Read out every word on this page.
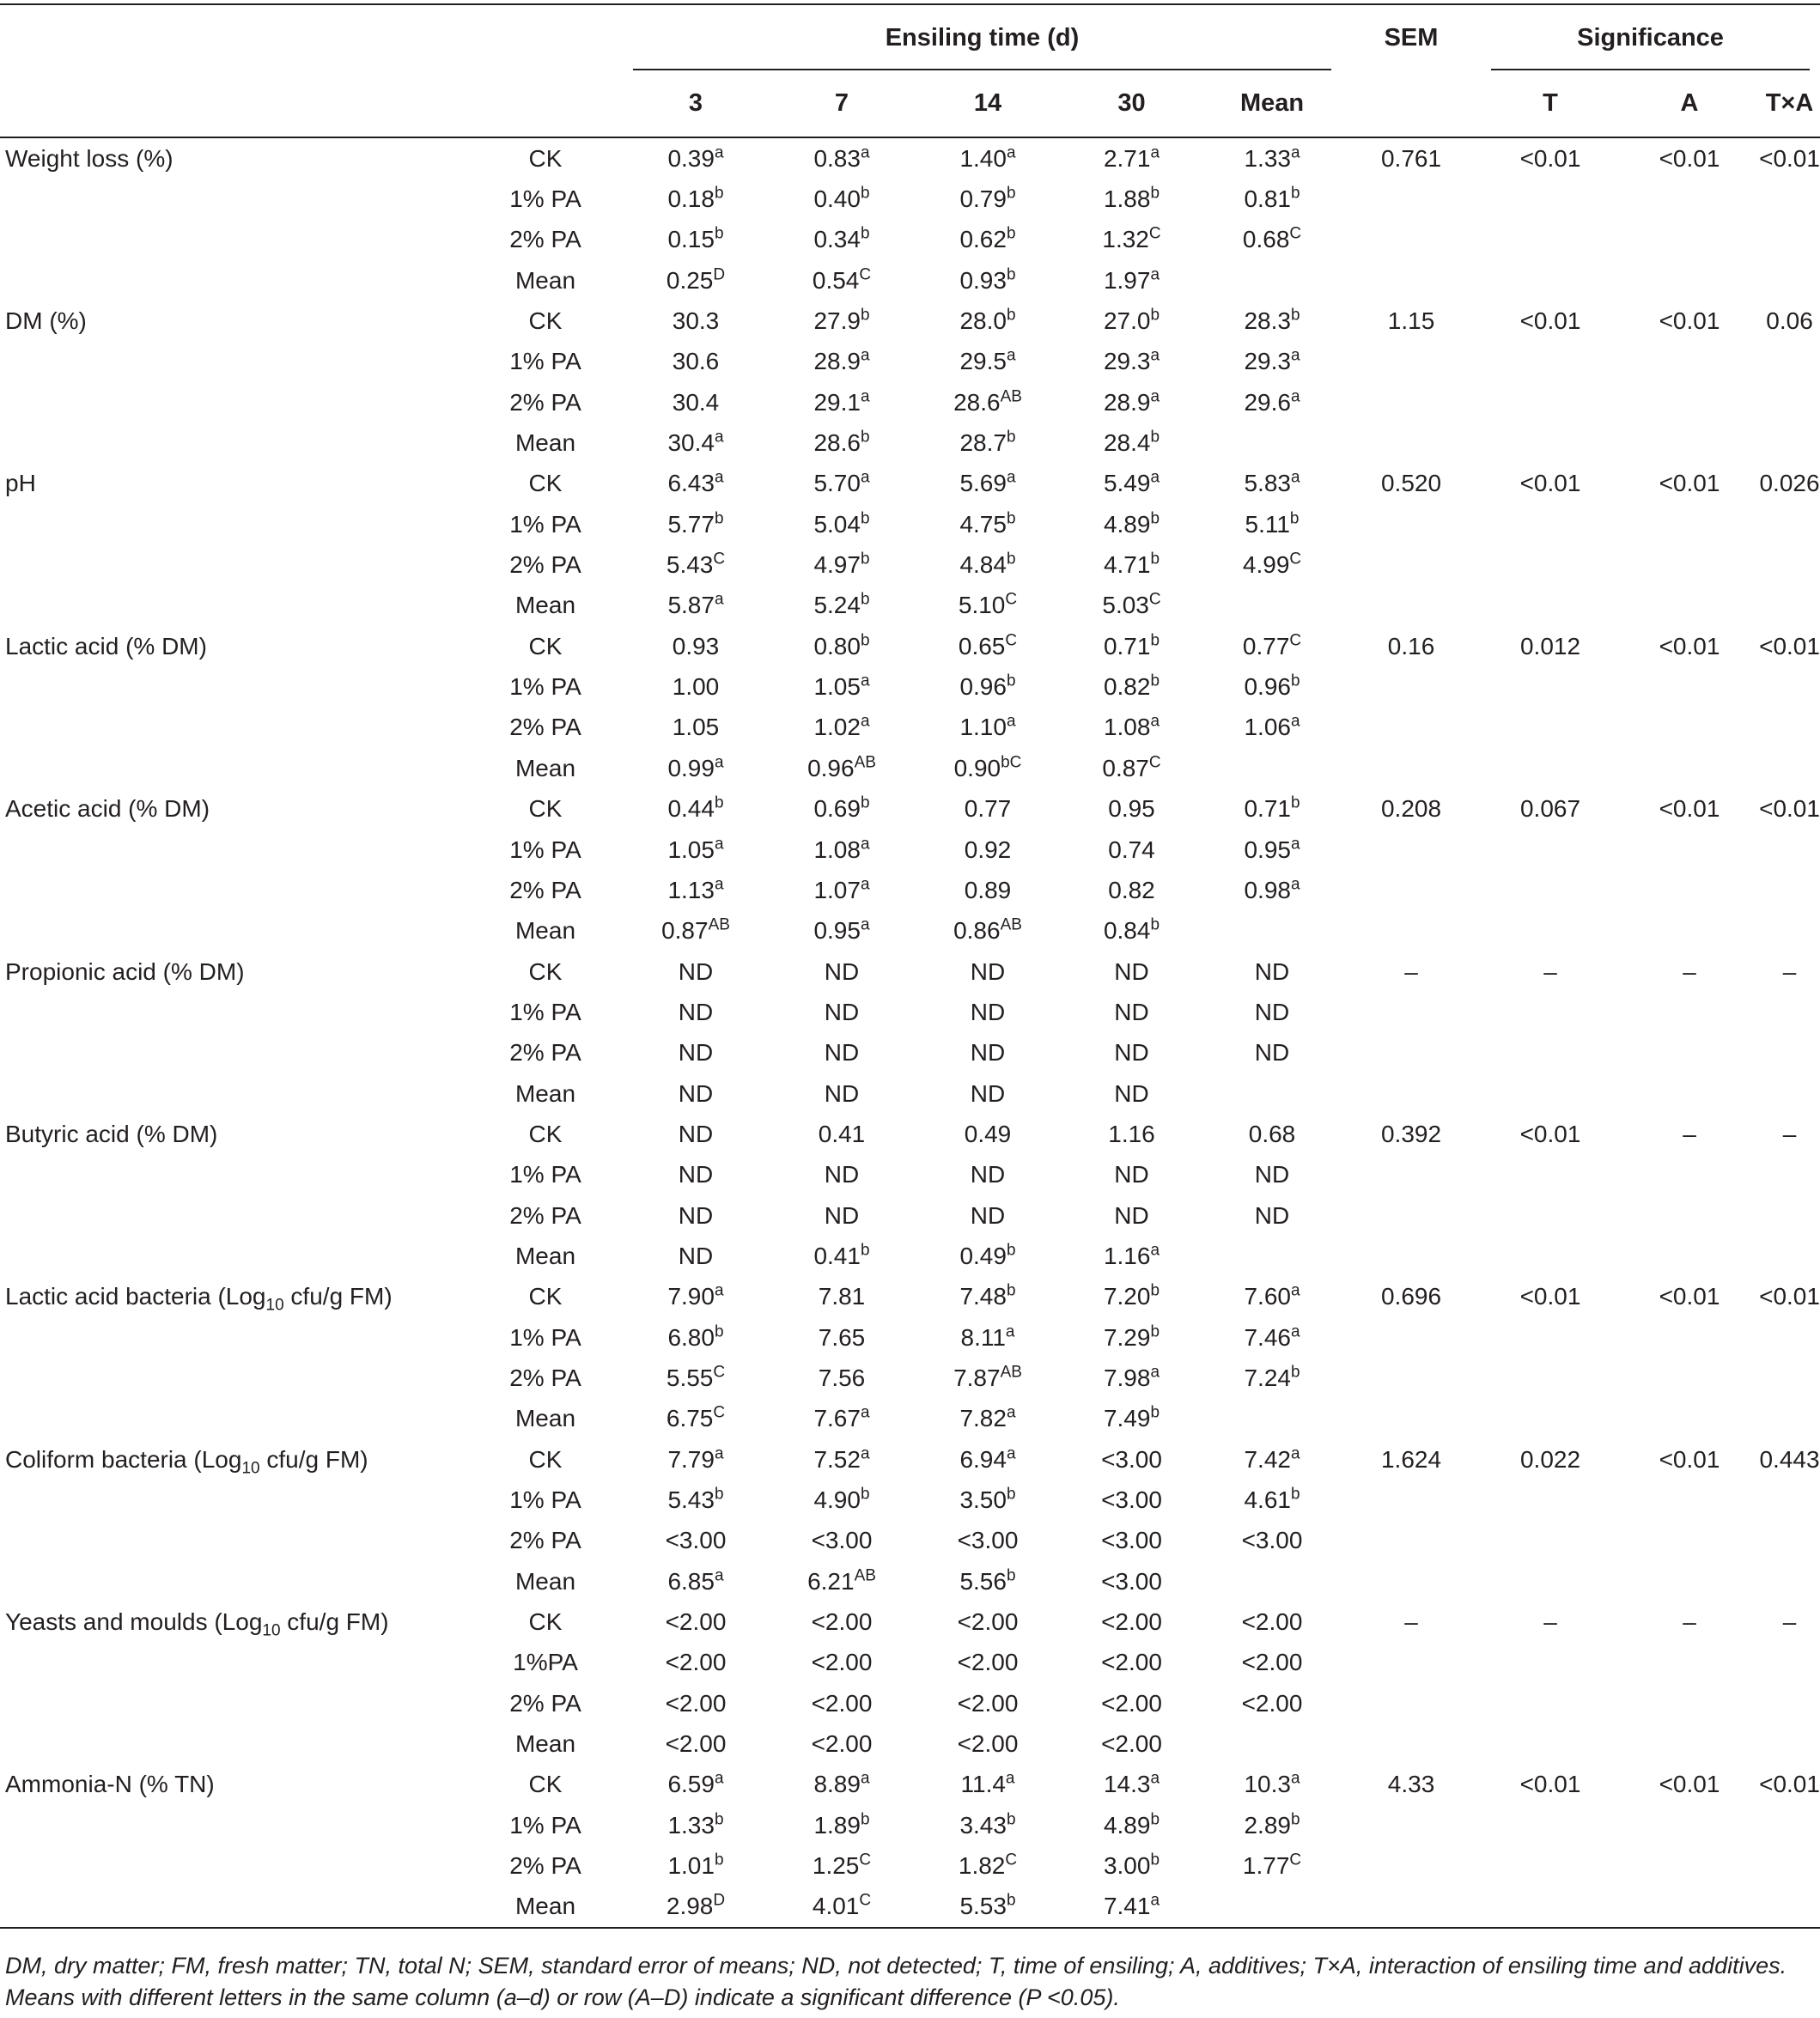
		Ensiling time (d)					SEM	Significance		

		3	7	14	30	Mean		T	A	T×A
Weight loss (%)	CK	0.39$^a$	0.83$^a$	1.40$^a$	2.71$^a$	1.33$^a$	0.761	<0.01	<0.01	<0.01
	1% PA	0.18$^b$	0.40$^b$	0.79$^b$	1.88$^b$	0.81$^b$				
	2% PA	0.15$^b$	0.34$^b$	0.62$^b$	$1.32^C$	$0.68^C$				
	Mean	$0.25^D$	$0.54^C$	0.93$^b$	1.97$^a$					
DM (%)	CK	30.3	27.9$^b$	28.0$^b$	27.0$^b$	28.3$^b$	1.15	<0.01	<0.01	0.06
	1% PA	30.6	28.9$^a$	29.5$^a$	29.3$^a$	29.3$^a$				
	2% PA	30.4	29.1$^a$	$28.6^{AB}$	28.9$^a$	29.6$^a$				
	Mean	30.4$^a$	28.6$^b$	28.7$^b$	28.4$^b$					
pH	CK	6.43$^a$	5.70$^a$	5.69$^a$	5.49$^a$	5.83$^a$	0.520	<0.01	<0.01	0.026
	1% PA	5.77$^b$	5.04$^b$	4.75$^b$	4.89$^b$	5.11$^b$				
	2% PA	$5.43^C$	4.97$^b$	4.84$^b$	4.71$^b$	$4.99^C$				
	Mean	5.87$^a$	5.24$^b$	$5.10^C$	$5.03^C$					
Lactic acid (% DM)	CK	0.93	0.80$^b$	$0.65^C$	0.71$^b$	$0.77^C$	0.16	0.012	<0.01	<0.01
	1% PA	1.00	1.05$^a$	0.96$^b$	0.82$^b$	0.96$^b$				
	2% PA	1.05	1.02$^a$	1.10$^a$	1.08$^a$	1.06$^a$				
	Mean	0.99$^a$	$0.96^{AB}$	$0.90^{bC}$	$0.87^C$					
Acetic acid (% DM)	CK	0.44$^b$	0.69$^b$	0.77	0.95	0.71$^b$	0.208	0.067	<0.01	<0.01
	1% PA	1.05$^a$	1.08$^a$	0.92	0.74	0.95$^a$				
	2% PA	1.13$^a$	1.07$^a$	0.89	0.82	0.98$^a$				
	Mean	$0.87^{AB}$	0.95$^a$	$0.86^{AB}$	0.84$^b$					
Propionic acid (% DM)	CK	ND	ND	ND	ND	ND	–	–	–	–
	1% PA	ND	ND	ND	ND	ND				
	2% PA	ND	ND	ND	ND	ND				
	Mean	ND	ND	ND	ND					
Butyric acid (% DM)	CK	ND	0.41	0.49	1.16	0.68	0.392	<0.01	–	–
	1% PA	ND	ND	ND	ND	ND				
	2% PA	ND	ND	ND	ND	ND				
	Mean	ND	0.41$^b$	0.49$^b$	1.16$^a$					
Lactic acid bacteria (Log$_{10}$ cfu/g FM)	CK	7.90$^a$	7.81	7.48$^b$	7.20$^b$	7.60$^a$	0.696	<0.01	<0.01	<0.01
	1% PA	6.80$^b$	7.65	8.11$^a$	7.29$^b$	7.46$^a$				
	2% PA	$5.55^C$	7.56	$7.87^{AB}$	7.98$^a$	7.24$^b$				
	Mean	$6.75^C$	7.67$^a$	7.82$^a$	7.49$^b$					
Coliform bacteria (Log$_{10}$ cfu/g FM)	CK	7.79$^a$	7.52$^a$	6.94$^a$	<3.00	7.42$^a$	1.624	0.022	<0.01	0.443
	1% PA	5.43$^b$	4.90$^b$	3.50$^b$	<3.00	4.61$^b$				
	2% PA	<3.00	<3.00	<3.00	<3.00	<3.00				
	Mean	6.85$^a$	$6.21^{AB}$	5.56$^b$	<3.00					
Yeasts and moulds (Log$_{10}$ cfu/g FM)	CK	<2.00	<2.00	<2.00	<2.00	<2.00	–	–	–	–
	1%PA	<2.00	<2.00	<2.00	<2.00	<2.00				
	2% PA	<2.00	<2.00	<2.00	<2.00	<2.00				
	Mean	<2.00	<2.00	<2.00	<2.00					
Ammonia-N (% TN)	CK	6.59$^a$	8.89$^a$	11.4$^a$	14.3$^a$	10.3$^a$	4.33	<0.01	<0.01	<0.01
	1% PA	1.33$^b$	1.89$^b$	3.43$^b$	4.89$^b$	2.89$^b$				
	2% PA	1.01$^b$	$1.25^C$	$1.82^C$	3.00$^b$	$1.77^C$				
	Mean	$2.98^D$	$4.01^C$	5.53$^b$	7.41$^a$					
DM, dry matter; FM, fresh matter; TN, total N; SEM, standard error of means; ND, not detected; T, time of ensiling; A, additives; T×A, interaction of ensiling time and additives. Means with different letters in the same column (a–d) or row (A–D) indicate a significant difference (P <0.05).
